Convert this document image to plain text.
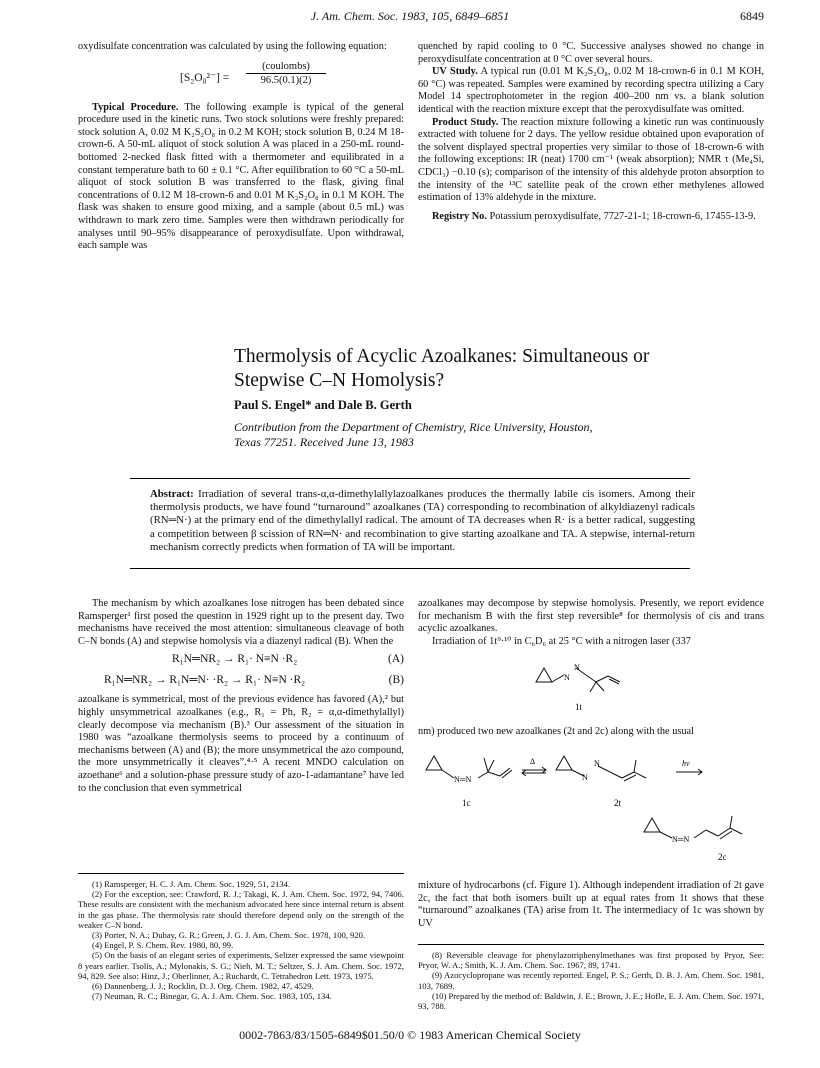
J. Am. Chem. Soc. 1983, 105, 6849–6851	6849

oxydisulfate concentration was calculated by using the following equation:

[S₂O₈²⁻] =
(coulombs)
96.5(0.1)(2)

Typical Procedure. The following example is typical of the general procedure used in the kinetic runs. Two stock solutions were freshly prepared: stock solution A, 0.02 M K₂S₂O₈ in 0.2 M KOH; stock solution B, 0.24 M 18-crown-6. A 50-mL aliquot of stock solution A was placed in a 250-mL round-bottomed 2-necked flask fitted with a thermometer and equilibrated in a constant temperature bath to 60 ± 0.1 °C. After equilibration to 60 °C a 50-mL aliquot of stock solution B was transferred to the flask, giving final concentrations of 0.12 M 18-crown-6 and 0.01 M K₂S₂O₈ in 0.1 M KOH. The flask was shaken to ensure good mixing, and a sample (about 0.5 mL) was withdrawn to mark zero time. Samples were then withdrawn periodically for analyses until 90–95% disappearance of peroxydisulfate. Upon withdrawal, each sample was

quenched by rapid cooling to 0 °C. Successive analyses showed no change in peroxydisulfate concentration at 0 °C over several hours.

UV Study. A typical run (0.01 M K₂S₂O₈, 0.02 M 18-crown-6 in 0.1 M KOH, 60 °C) was repeated. Samples were examined by recording spectra utilizing a Cary Model 14 spectrophotometer in the region 400–200 nm vs. a blank solution identical with the reaction mixture except that the peroxydisulfate was omitted.

Product Study. The reaction mixture following a kinetic run was continuously extracted with toluene for 2 days. The yellow residue obtained upon evaporation of the solvent displayed spectral properties very similar to those of 18-crown-6 with the following exceptions: IR (neat) 1700 cm⁻¹ (weak absorption); NMR τ (Me₄Si, CDCl₃) −0.10 (s); comparison of the intensity of this aldehyde proton absorption to the intensity of the ¹³C satellite peak of the crown ether methylenes allowed estimation of 13% aldehyde in the mixture.

Registry No. Potassium peroxydisulfate, 7727-21-1; 18-crown-6, 17455-13-9.

Thermolysis of Acyclic Azoalkanes: Simultaneous or Stepwise C–N Homolysis?
Paul S. Engel* and Dale B. Gerth
Contribution from the Department of Chemistry, Rice University, Houston, Texas 77251. Received June 13, 1983
Abstract: Irradiation of several trans-α,α-dimethylallylazoalkanes produces the thermally labile cis isomers. Among their thermolysis products, we have found “turnaround” azoalkanes (TA) corresponding to recombination of alkyldiazenyl radicals (RN═N·) at the primary end of the dimethylallyl radical. The amount of TA decreases when R· is a better radical, suggesting a competition between β scission of RN═N· and recombination to give starting azoalkane and TA. A stepwise, internal-return mechanism correctly predicts when formation of TA will be important.

The mechanism by which azoalkanes lose nitrogen has been debated since Ramsperger¹ first posed the question in 1929 right up to the present day. Two mechanisms have received the most attention: simultaneous cleavage of both C–N bonds (A) and stepwise homolysis via a diazenyl radical (B). When the

R₁N═NR₂ → R₁· N≡N ·R₂	(A)
R₁N═NR₂ → R₁N═N· ·R₂ → R₁· N≡N ·R₂	(B)

azoalkane is symmetrical, most of the previous evidence has favored (A),² but highly unsymmetrical azoalkanes (e.g., R₁ = Ph, R₂ = α,α-dimethylallyl) clearly decompose via mechanism (B).³ Our assessment of the situation in 1980 was “azoalkane thermolysis seems to proceed by a continuum of mechanisms between (A) and (B); the more unsymmetrical the azo compound, the more unsymmetrically it cleaves”.⁴·⁵ A recent MNDO calculation on azoethane⁶ and a solution-phase pressure study of azo-1-adamantane⁷ have led to the conclusion that even symmetrical

azoalkanes may decompose by stepwise homolysis. Presently, we report evidence for mechanism B with the first step reversible⁸ for thermolysis of cis and trans acyclic azoalkanes.

Irradiation of 1t⁹·¹⁰ in C₆D₆ at 25 °C with a nitrogen laser (337

N
N
1t

nm) produced two new azoalkanes (2t and 2c) along with the usual

N═N
1c
Δ
N
N
2t
hν
N═N
2c

mixture of hydrocarbons (cf. Figure 1). Although independent irradiation of 2t gave 2c, the fact that both isomers built up at equal rates from 1t shows that these “turnaround” azoalkanes (TA) arise from 1t. The intermediacy of 1c was shown by UV

(1) Ramsperger, H. C. J. Am. Chem. Soc. 1929, 51, 2134.

(2) For the exception, see: Crawford, R. J.; Takagi, K. J. Am. Chem. Soc. 1972, 94, 7406. These results are consistent with the mechanism advocated here since internal return is absent in the gas phase. The thermolysis rate should therefore depend only on the strength of the weaker C–N bond.

(3) Porter, N. A.; Dubay, G. R.; Green, J. G. J. Am. Chem. Soc. 1978, 100, 920.

(4) Engel, P. S. Chem. Rev. 1980, 80, 99.

(5) On the basis of an elegant series of experiments, Seltzer expressed the same viewpoint 8 years earlier. Tsolis, A.; Mylonakis, S. G.; Nieh, M. T.; Seltzer, S. J. Am. Chem. Soc. 1972, 94, 829. See also: Hinz, J.; Oberlinner, A.; Ruchardt, C. Tetrahedron Lett. 1973, 1975.

(6) Dannenberg, J. J.; Rocklin, D. J. Org. Chem. 1982, 47, 4529.

(7) Neuman, R. C.; Binegar, G. A. J. Am. Chem. Soc. 1983, 105, 134.

(8) Reversible cleavage for phenylazotriphenylmethanes was first proposed by Pryor, See: Pryor, W. A.; Smith, K. J. Am. Chem. Soc. 1967, 89, 1741.

(9) Azocyclopropane was recently reported. Engel, P. S.; Gerth, D. B. J. Am. Chem. Soc. 1981, 103, 7689.

(10) Prepared by the method of: Baldwin, J. E.; Brown, J. E.; Hofle, E. J. Am. Chem. Soc. 1971, 93, 788.

0002-7863/83/1505-6849$01.50/0 © 1983 American Chemical Society
